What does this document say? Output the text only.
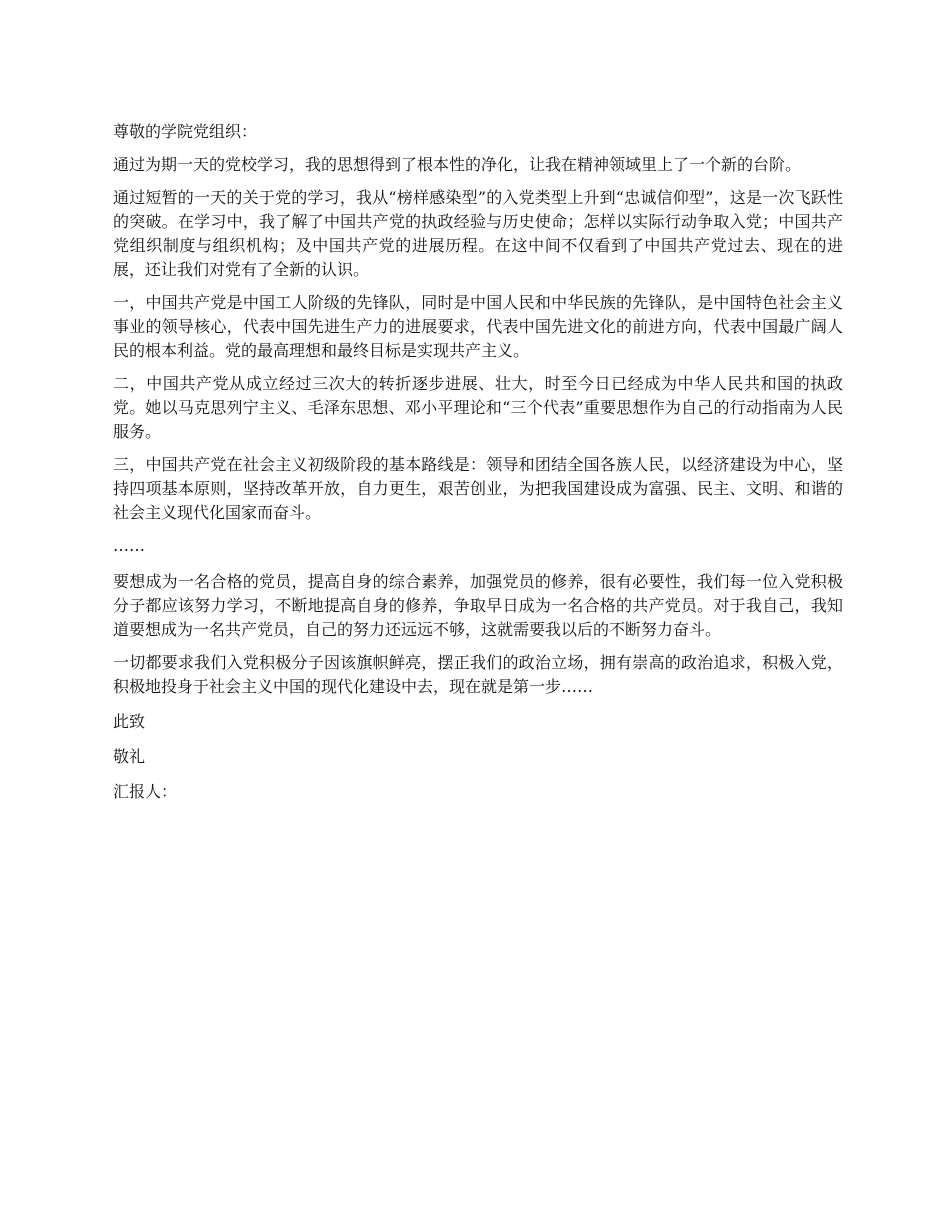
尊敬的学院党组织：

通过为期一天的党校学习，我的思想得到了根本性的净化，让我在精神领域里上了一个新的台阶。

通过短暂的一天的关于党的学习，我从“榜样感染型”的入党类型上升到“忠诚信仰型”，这是一次飞跃性的突破。在学习中，我了解了中国共产党的执政经验与历史使命；怎样以实际行动争取入党；中国共产党组织制度与组织机构；及中国共产党的进展历程。在这中间不仅看到了中国共产党过去、现在的进展，还让我们对党有了全新的认识。

一，中国共产党是中国工人阶级的先锋队，同时是中国人民和中华民族的先锋队，是中国特色社会主义事业的领导核心，代表中国先进生产力的进展要求，代表中国先进文化的前进方向，代表中国最广阔人民的根本利益。党的最高理想和最终目标是实现共产主义。

二，中国共产党从成立经过三次大的转折逐步进展、壮大，时至今日已经成为中华人民共和国的执政党。她以马克思列宁主义、毛泽东思想、邓小平理论和“三个代表”重要思想作为自己的行动指南为人民服务。

三，中国共产党在社会主义初级阶段的基本路线是：领导和团结全国各族人民，以经济建设为中心，坚持四项基本原则，坚持改革开放，自力更生，艰苦创业，为把我国建设成为富强、民主、文明、和谐的社会主义现代化国家而奋斗。

……

要想成为一名合格的党员，提高自身的综合素养，加强党员的修养，很有必要性，我们每一位入党积极分子都应该努力学习，不断地提高自身的修养，争取早日成为一名合格的共产党员。对于我自己，我知道要想成为一名共产党员，自己的努力还远远不够，这就需要我以后的不断努力奋斗。

一切都要求我们入党积极分子因该旗帜鲜亮，摆正我们的政治立场，拥有崇高的政治追求，积极入党，积极地投身于社会主义中国的现代化建设中去，现在就是第一步……

此致

敬礼

汇报人：
